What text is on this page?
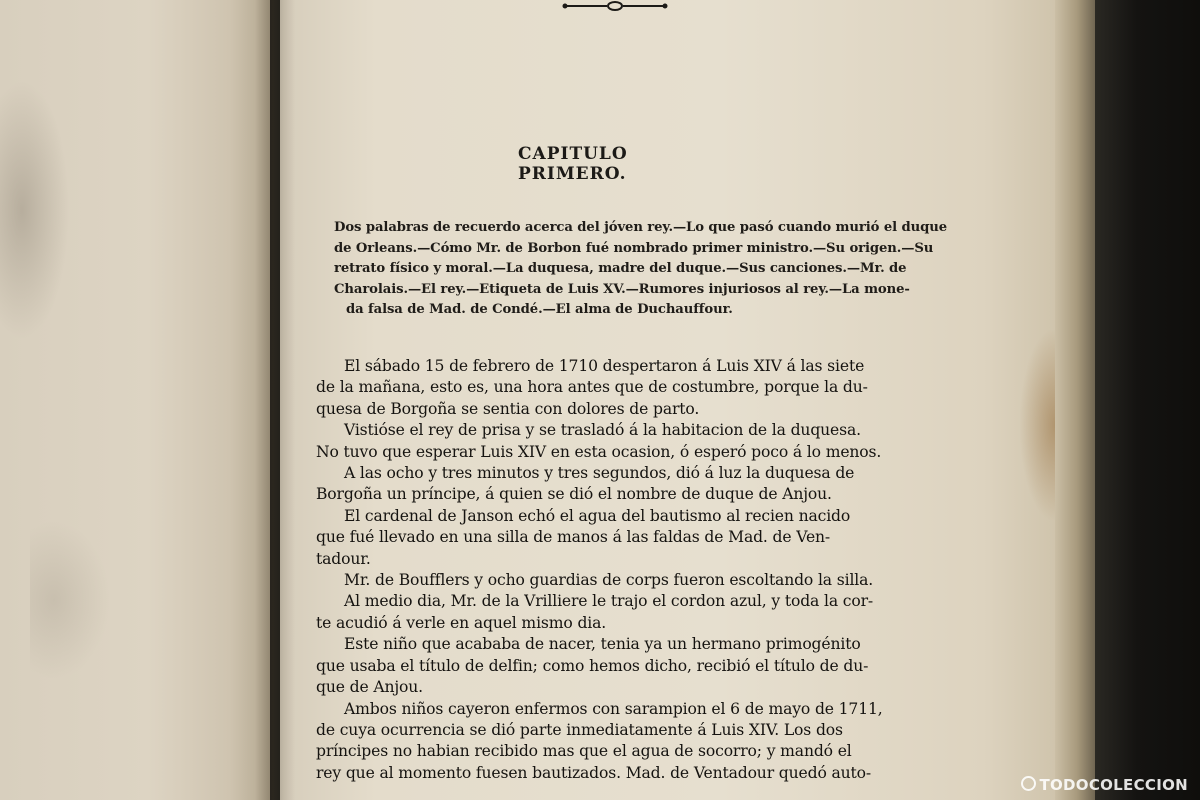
CAPITULO PRIMERO.
Dos palabras de recuerdo acerca del jóven rey.—Lo que pasó cuando murió el duque
de Orleans.—Cómo Mr. de Borbon fué nombrado primer ministro.—Su origen.—Su
retrato físico y moral.—La duquesa, madre del duque.—Sus canciones.—Mr. de
Charolais.—El rey.—Etiqueta de Luis XV.—Rumores injuriosos al rey.—La mone-
da falsa de Mad. de Condé.—El alma de Duchauffour.
El sábado 15 de febrero de 1710 despertaron á Luis XIV á las siete
de la mañana, esto es, una hora antes que de costumbre, porque la du-
quesa de Borgoña se sentia con dolores de parto.
Vistióse el rey de prisa y se trasladó á la habitacion de la duquesa.
No tuvo que esperar Luis XIV en esta ocasion, ó esperó poco á lo menos.
A las ocho y tres minutos y tres segundos, dió á luz la duquesa de
Borgoña un príncipe, á quien se dió el nombre de duque de Anjou.
El cardenal de Janson echó el agua del bautismo al recien nacido
que fué llevado en una silla de manos á las faldas de Mad. de Ven-
tadour.
Mr. de Boufflers y ocho guardias de corps fueron escoltando la silla.
Al medio dia, Mr. de la Vrilliere le trajo el cordon azul, y toda la cor-
te acudió á verle en aquel mismo dia.
Este niño que acababa de nacer, tenia ya un hermano primogénito
que usaba el título de delfin; como hemos dicho, recibió el título de du-
que de Anjou.
Ambos niños cayeron enfermos con sarampion el 6 de mayo de 1711,
de cuya ocurrencia se dió parte inmediatamente á Luis XIV. Los dos
príncipes no habian recibido mas que el agua de socorro; y mandó el
rey que al momento fuesen bautizados. Mad. de Ventadour quedó auto-
TODOCOLECCION
